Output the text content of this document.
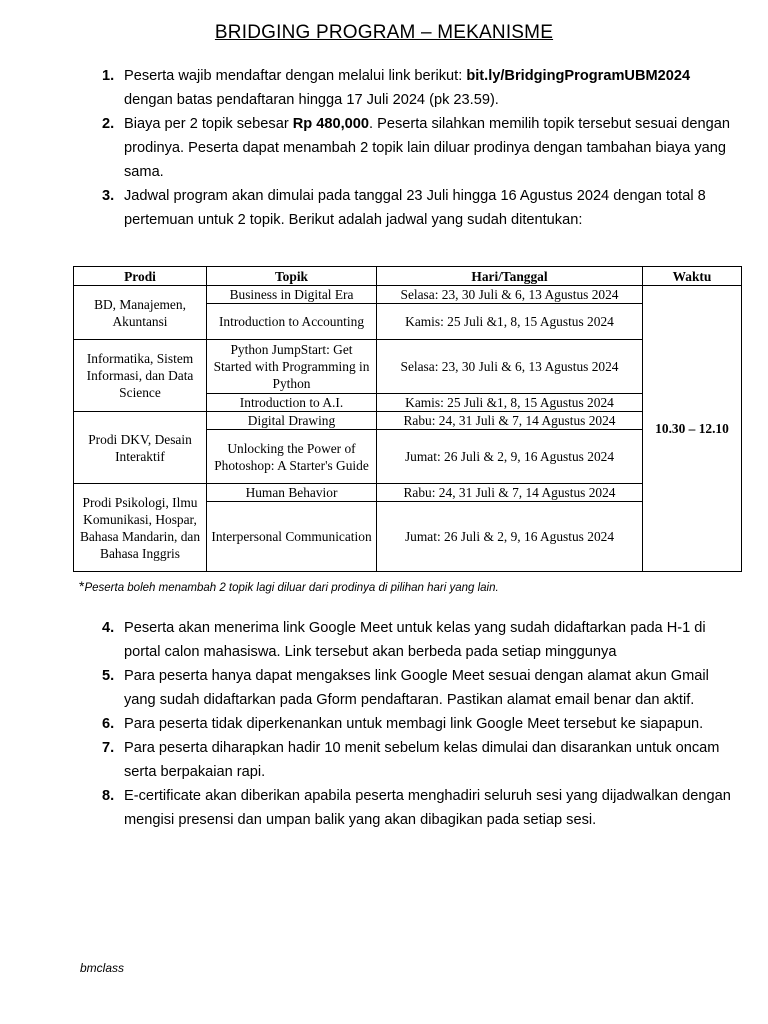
BRIDGING PROGRAM – MEKANISME
1. Peserta wajib mendaftar dengan melalui link berikut: bit.ly/BridgingProgramUBM2024 dengan batas pendaftaran hingga 17 Juli 2024 (pk 23.59).
2. Biaya per 2 topik sebesar Rp 480,000. Peserta silahkan memilih topik tersebut sesuai dengan prodinya. Peserta dapat menambah 2 topik lain diluar prodinya dengan tambahan biaya yang sama.
3. Jadwal program akan dimulai pada tanggal 23 Juli hingga 16 Agustus 2024 dengan total 8 pertemuan untuk 2 topik. Berikut adalah jadwal yang sudah ditentukan:
Prodi	Topik	Hari/Tanggal	Waktu
BD, Manajemen, Akuntansi	Business in Digital Era	Selasa: 23, 30 Juli & 6, 13 Agustus 2024	10.30 – 12.10
	Introduction to Accounting	Kamis: 25 Juli &1, 8, 15 Agustus 2024	
Informatika, Sistem Informasi, dan Data Science	Python JumpStart: Get Started with Programming in Python	Selasa: 23, 30 Juli & 6, 13 Agustus 2024	
	Introduction to A.I.	Kamis: 25 Juli &1, 8, 15 Agustus 2024	
Prodi DKV, Desain Interaktif	Digital Drawing	Rabu: 24, 31 Juli & 7, 14 Agustus 2024	
	Unlocking the Power of Photoshop: A Starter's Guide	Jumat: 26 Juli & 2, 9, 16 Agustus 2024	
Prodi Psikologi, Ilmu Komunikasi, Hospar, Bahasa Mandarin, dan Bahasa Inggris	Human Behavior	Rabu: 24, 31 Juli & 7, 14 Agustus 2024	
	Interpersonal Communication	Jumat: 26 Juli & 2, 9, 16 Agustus 2024	
*Peserta boleh menambah 2 topik lagi diluar dari prodinya di pilihan hari yang lain.
4. Peserta akan menerima link Google Meet untuk kelas yang sudah didaftarkan pada H-1 di portal calon mahasiswa. Link tersebut akan berbeda pada setiap minggunya
5. Para peserta hanya dapat mengakses link Google Meet sesuai dengan alamat akun Gmail yang sudah didaftarkan pada Gform pendaftaran. Pastikan alamat email benar dan aktif.
6. Para peserta tidak diperkenankan untuk membagi link Google Meet tersebut ke siapapun.
7. Para peserta diharapkan hadir 10 menit sebelum kelas dimulai dan disarankan untuk oncam serta berpakaian rapi.
8. E-certificate akan diberikan apabila peserta menghadiri seluruh sesi yang dijadwalkan dengan mengisi presensi dan umpan balik yang akan dibagikan pada setiap sesi.
bmclass
